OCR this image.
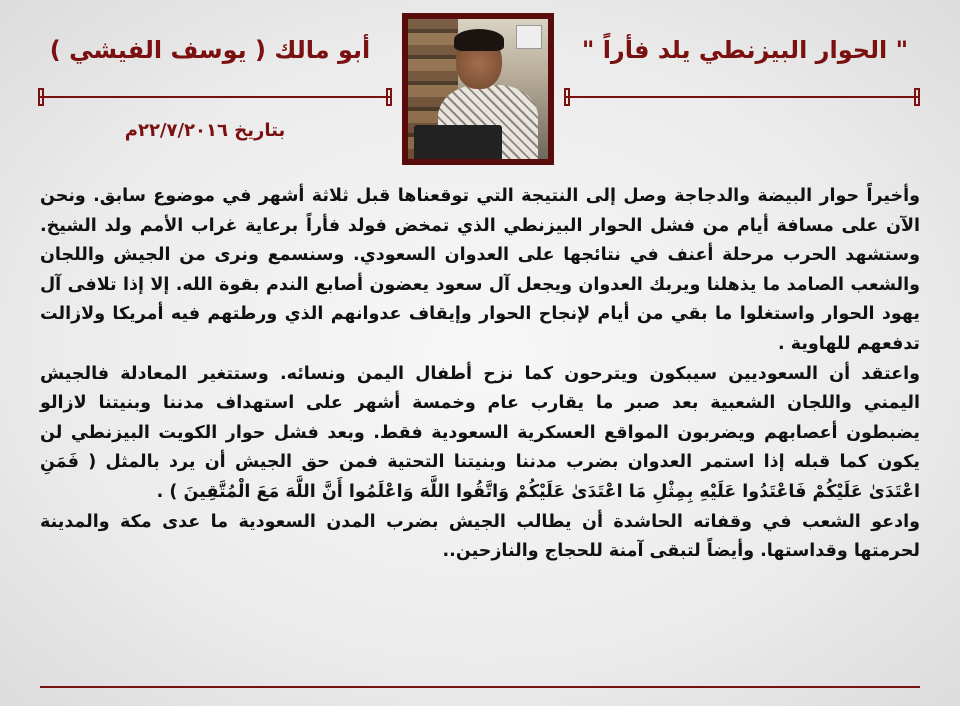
" الحوار البيزنطي يلد فأراً "
أبو مالك ( يوسف الفيشي )
بتاريخ ٢٢/٧/٢٠١٦م

وأخيراً حوار البيضة والدجاجة وصل إلى النتيجة التي توقعناها قبل ثلاثة أشهر في موضوع سابق. ونحن الآن على مسافة أيام من فشل الحوار البيزنطي الذي تمخض فولد فأراً برعاية غراب الأمم ولد الشيخ. وستشهد الحرب مرحلة أعنف في نتائجها على العدوان السعودي. وسنسمع ونرى من الجيش واللجان والشعب الصامد ما يذهلنا ويربك العدوان ويجعل آل سعود يعضون أصابع الندم بقوة الله. إلا إذا تلافى آل يهود الحوار واستغلوا ما بقي من أيام لإنجاح الحوار وإيقاف عدوانهم الذي ورطتهم فيه أمريكا ولازالت تدفعهم للهاوية .

واعتقد أن السعوديين سيبكون ويترحون كما نزح أطفال اليمن ونسائه. وستتغير المعادلة فالجيش اليمني واللجان الشعبية بعد صبر ما يقارب عام وخمسة أشهر على استهداف مدننا وبنيتنا لازالو يضبطون أعصابهم ويضربون المواقع العسكرية السعودية فقط. وبعد فشل حوار الكويت البيزنطي لن يكون كما قبله إذا استمر العدوان بضرب مدننا وبنيتنا التحتية فمن حق الجيش أن يرد بالمثل ( فَمَنِ اعْتَدَىٰ عَلَيْكُمْ فَاعْتَدُوا عَلَيْهِ بِمِثْلِ مَا اعْتَدَىٰ عَلَيْكُمْ وَاتَّقُوا اللَّهَ وَاعْلَمُوا أَنَّ اللَّهَ مَعَ الْمُتَّقِينَ ) .

وادعو الشعب في وقفاته الحاشدة أن يطالب الجيش بضرب المدن السعودية ما عدى مكة والمدينة لحرمتها وقداستها. وأيضاً لتبقى آمنة للحجاج والنازحين..
